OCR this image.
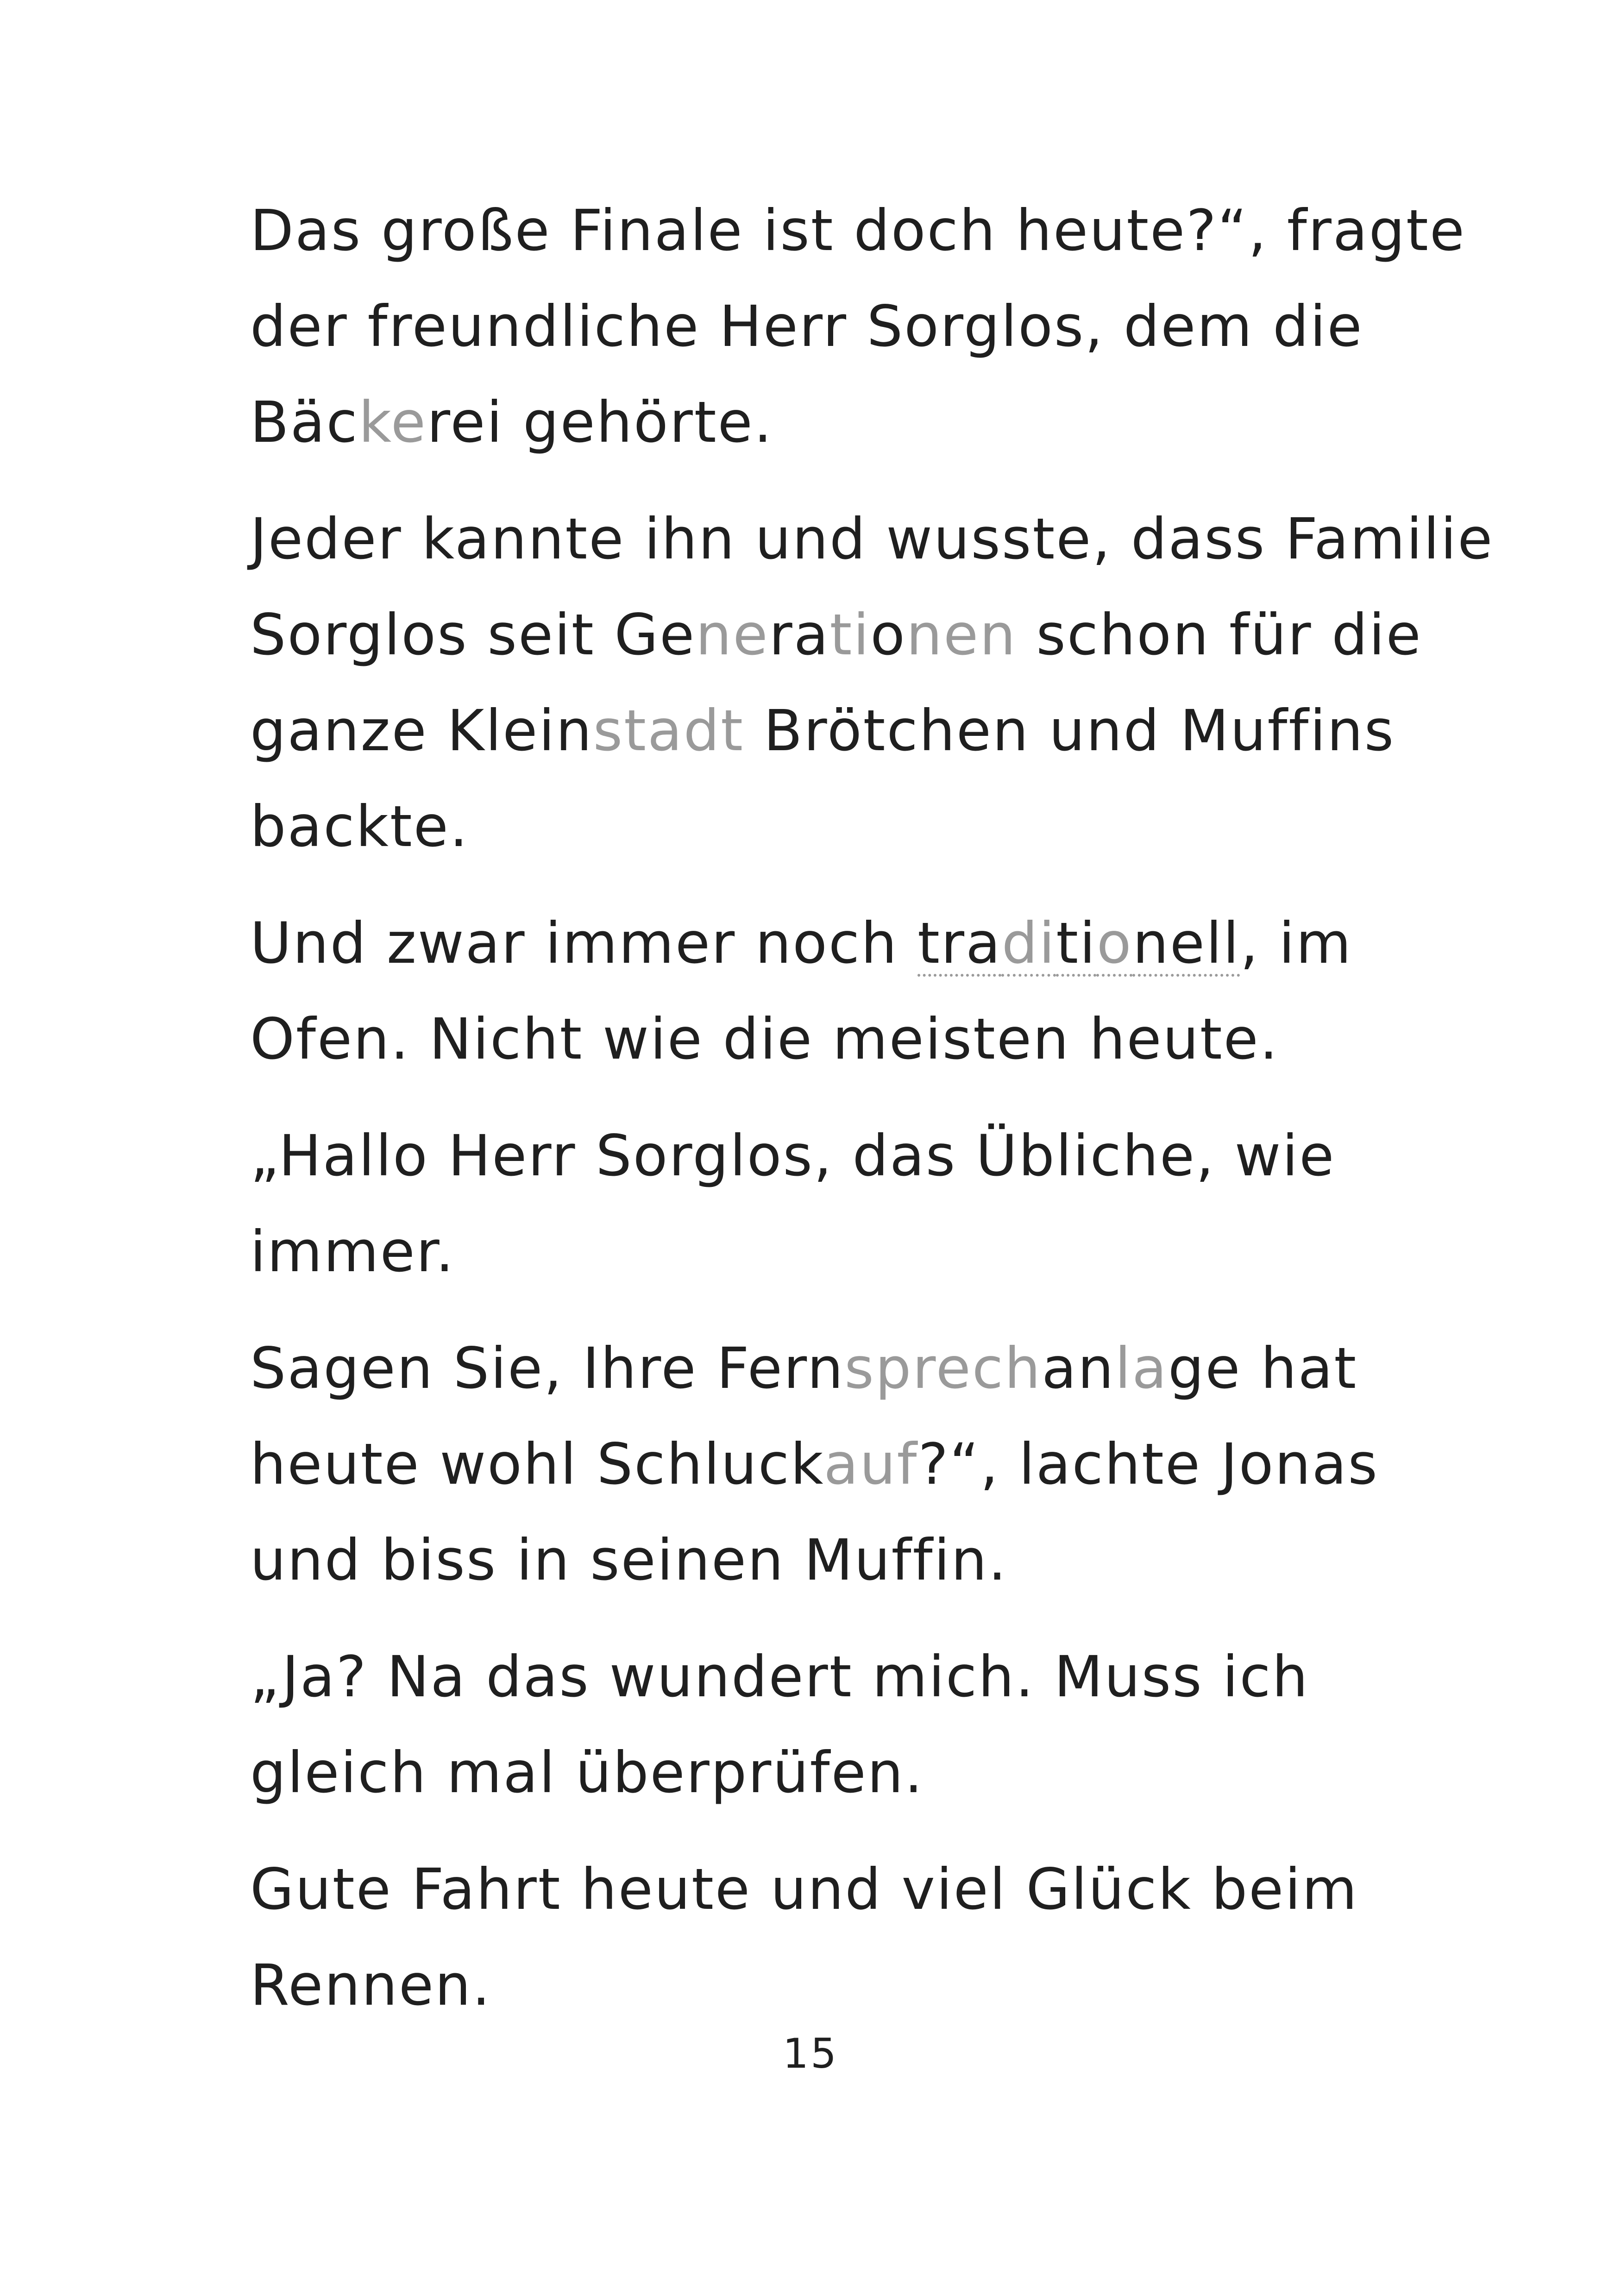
Das große Finale ist doch heute?“, fragte der freundliche Herr Sorglos, dem die Bäckerei gehörte.

Jeder kannte ihn und wusste, dass Familie Sorglos seit Generationen schon für die ganze Kleinstadt Brötchen und Muffins backte.

Und zwar immer noch traditionell, im Ofen. Nicht wie die meisten heute.

„Hallo Herr Sorglos, das Übliche, wie immer.

Sagen Sie, Ihre Fernsprechanlage hat heute wohl Schluckauf?“, lachte Jonas und biss in seinen Muffin.

„Ja? Na das wundert mich. Muss ich gleich mal überprüfen.

Gute Fahrt heute und viel Glück beim Rennen.

15
